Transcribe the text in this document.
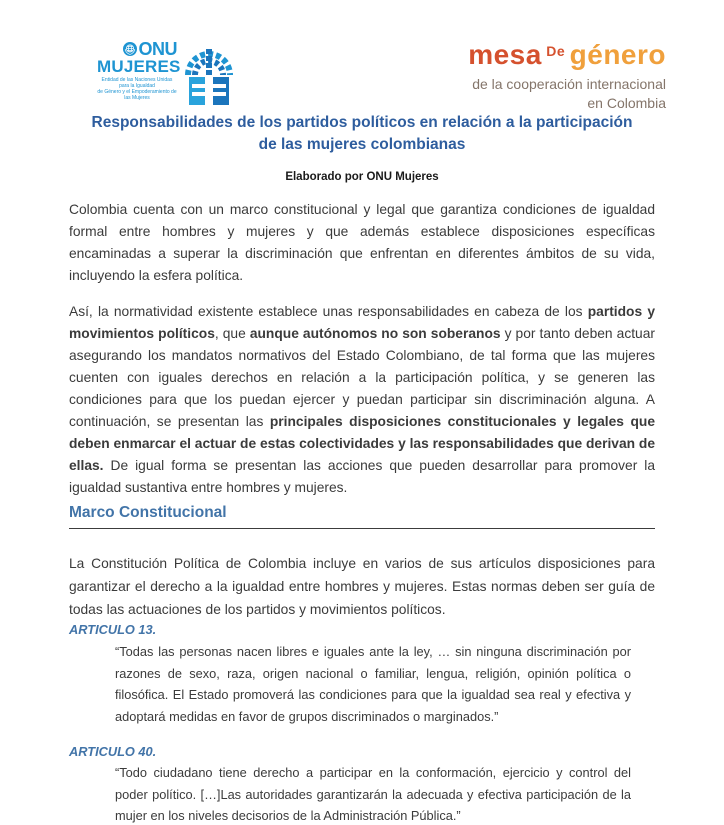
ONU
MUJERES
Entidad de las Naciones Unidas para la Igualdad
de Género y el Empoderamiento de las Mujeres
mesa De género
de la cooperación internacional
en Colombia
Responsabilidades de los partidos políticos en relación a la participación
de las mujeres colombianas
Elaborado por ONU Mujeres

Colombia cuenta con un marco constitucional y legal que garantiza condiciones de igualdad formal entre hombres y mujeres y que además establece disposiciones específicas encaminadas a superar la discriminación que enfrentan en diferentes ámbitos de su vida, incluyendo la esfera política.

Así, la normatividad existente establece unas responsabilidades en cabeza de los partidos y movimientos políticos, que aunque autónomos no son soberanos y por tanto deben actuar asegurando los mandatos normativos del Estado Colombiano, de tal forma que las mujeres cuenten con iguales derechos en relación a la participación política, y se generen las condiciones para que los puedan ejercer y puedan participar sin discriminación alguna. A continuación, se presentan las principales disposiciones constitucionales y legales que deben enmarcar el actuar de estas colectividades y las responsabilidades que derivan de ellas. De igual forma se presentan las acciones que pueden desarrollar para promover la igualdad sustantiva entre hombres y mujeres.

Marco Constitucional

La Constitución Política de Colombia incluye en varios de sus artículos disposiciones para garantizar el derecho a la igualdad entre hombres y mujeres. Estas normas deben ser guía de todas las actuaciones de los partidos y movimientos políticos.

ARTICULO 13.

“Todas las personas nacen libres e iguales ante la ley, … sin ninguna discriminación por razones de sexo, raza, origen nacional o familiar, lengua, religión, opinión política o filosófica. El Estado promoverá las condiciones para que la igualdad sea real y efectiva y adoptará medidas en favor de grupos discriminados o marginados.”

ARTICULO 40.

“Todo ciudadano tiene derecho a participar en la conformación, ejercicio y control del poder político. […]Las autoridades garantizarán la adecuada y efectiva participación de la mujer en los niveles decisorios de la Administración Pública.”
